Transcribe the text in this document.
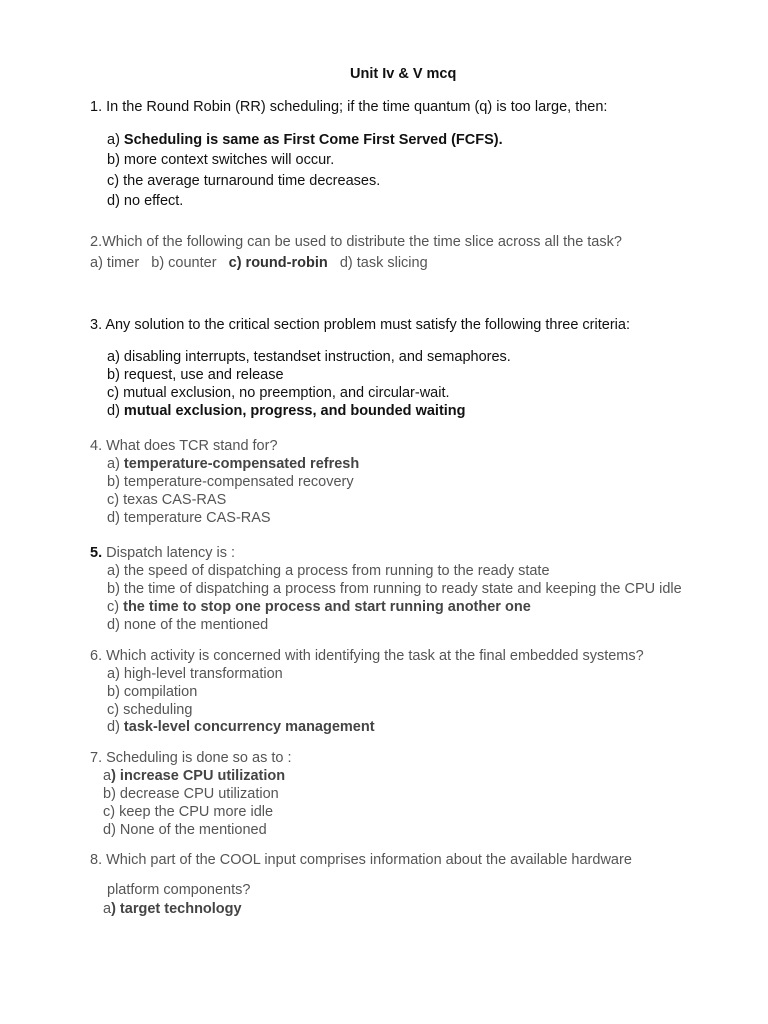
Unit Iv & V mcq
1. In the Round Robin (RR) scheduling; if the time quantum (q) is too large, then:
a) Scheduling is same as First Come First Served (FCFS).
b) more context switches will occur.
c) the average turnaround time decreases.
d) no effect.
2.Which of the following can be used to distribute the time slice across all the task?
a) timer b) counter c) round-robin d) task slicing
3. Any solution to the critical section problem must satisfy the following three criteria:
a) disabling interrupts, testandset instruction, and semaphores.
b) request, use and release
c) mutual exclusion, no preemption, and circular-wait.
d) mutual exclusion, progress, and bounded waiting
4. What does TCR stand for?
a) temperature-compensated refresh
b) temperature-compensated recovery
c) texas CAS-RAS
d) temperature CAS-RAS
5. Dispatch latency is :
a) the speed of dispatching a process from running to the ready state
b) the time of dispatching a process from running to ready state and keeping the CPU idle
c) the time to stop one process and start running another one
d) none of the mentioned
6. Which activity is concerned with identifying the task at the final embedded systems?
a) high-level transformation
b) compilation
c) scheduling
d) task-level concurrency management
7. Scheduling is done so as to :
a) increase CPU utilization
b) decrease CPU utilization
c) keep the CPU more idle
d) None of the mentioned
8. Which part of the COOL input comprises information about the available hardware
platform components?
a) target technology
